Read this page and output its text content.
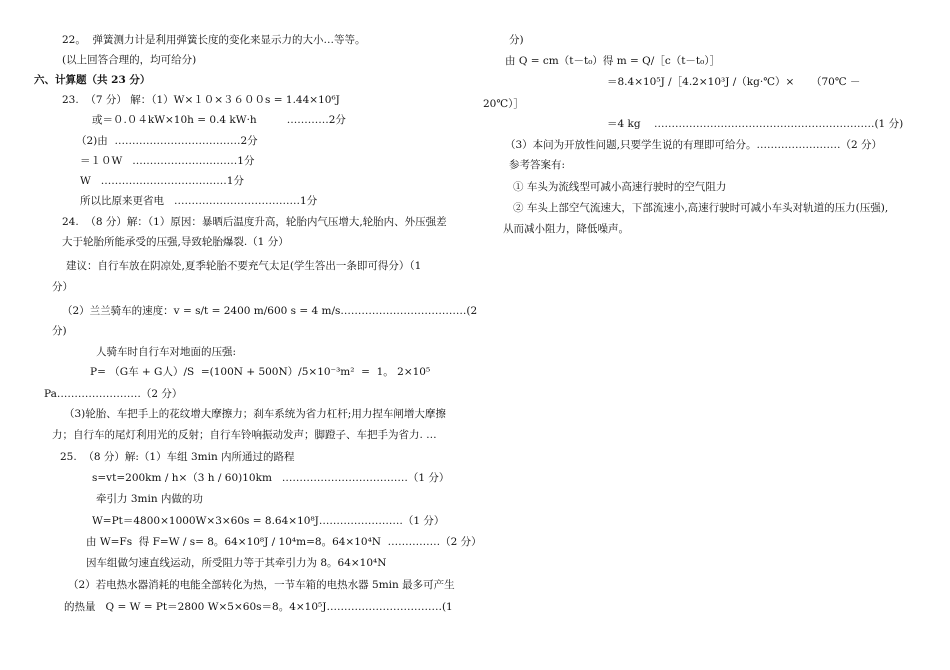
22。  弹簧测力计是利用弹簧长度的变化来显示力的大小…等等。
(以上回答合理的，均可给分)
六、计算题（共 23 分）
23.  （7 分） 解：（1）W×１０×３６００s = 1.44×10⁶J
或＝０.０４kW×10h = 0.4 kW·h         …………2分
（2)由  ………………………………2分
＝１０W   …………………………1分
W   ………………………………1分
所以比原来更省电   ………………………………1分
24.  （8 分）解：（1）原因：暴晒后温度升高，轮胎内气压增大,轮胎内、外压强差
大于轮胎所能承受的压强,导致轮胎爆裂.（1 分）
建议：自行车放在阴凉处,夏季轮胎不要充气太足(学生答出一条即可得分）（1
分）
（2）兰兰骑车的速度：v = s/t = 2400 m/600 s = 4 m/s………………………………(2
分)
人骑车时自行车对地面的压强:
P= （G车 + G人）/S  =(100N + 500N）/5×10⁻³m²  =  1。 2×10⁵
Pa……………………（2 分）
（3)轮胎、车把手上的花纹增大摩擦力；刹车系统为省力杠杆;用力捏车闸增大摩擦
力；自行车的尾灯利用光的反射；自行车铃响振动发声；脚蹬子、车把手为省力. …
25.  （8 分）解:（1）车组 3min 内所通过的路程
s=vt=200km / h×（3 h / 60)10km   ………………………………（1 分）
牵引力 3min 内做的功
W=Pt＝4800×1000W×3×60s = 8.64×10⁸J……………………（1 分）
由 W=Fs  得 F=W / s= 8。64×10⁸J / 10⁴m=8。64×10⁴N  ……………（2 分）
因车组做匀速直线运动，所受阻力等于其牵引力为 8。64×10⁴N
（2）若电热水器消耗的电能全部转化为热，一节车箱的电热水器 5min 最多可产生
的热量   Q = W = Pt＝2800 W×5×60s＝8。4×10⁵J……………………………(1
分)
由 Q = cm（t－t₀）得 m = Q/［c（t－t₀）］
＝8.4×10⁵J /［4.2×10³J /（kg·℃）×     （70℃ －
20℃）］
＝4 kg    ………………………………………………………(1 分)
（3）本问为开放性问题,只要学生说的有理即可给分。……………………（2 分）
参考答案有:
① 车头为流线型可减小高速行驶时的空气阻力
② 车头上部空气流速大，下部流速小,高速行驶时可减小车头对轨道的压力(压强),
从而减小阻力，降低噪声。
